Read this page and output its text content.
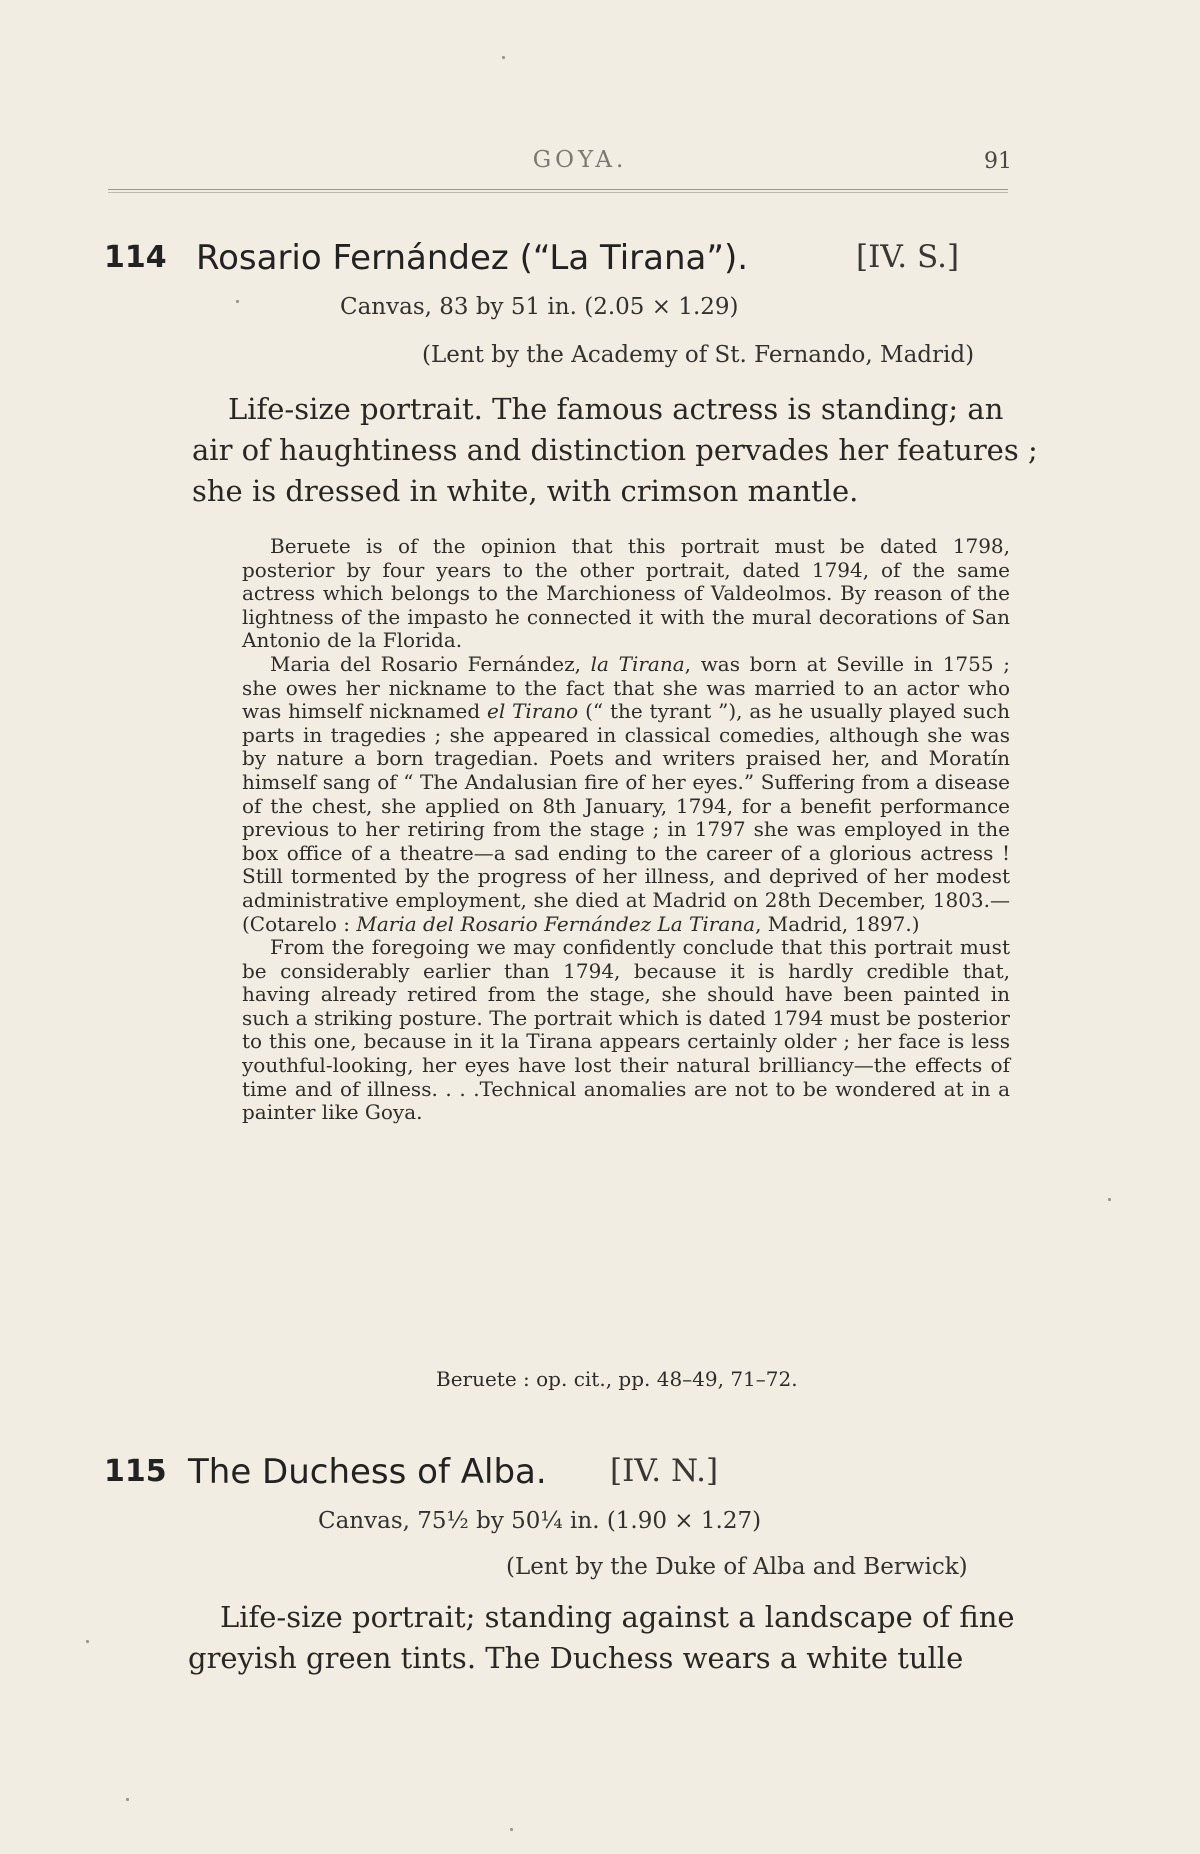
GOYA.	91
114 Rosario Fernández (“La Tirana”).	[IV. S.]
Canvas, 83 by 51 in. (2.05 × 1.29)
(Lent by the Academy of St. Fernando, Madrid)
Life-size portrait. The famous actress is standing; an
air of haughtiness and distinction pervades her features ;
she is dressed in white, with crimson mantle.

Beruete is of the opinion that this portrait must be dated 1798, posterior by four years to the other portrait, dated 1794, of the same actress which belongs to the Marchioness of Valdeolmos. By reason of the lightness of the impasto he connected it with the mural decorations of San Antonio de la Florida.

Maria del Rosario Fernández, la Tirana, was born at Seville in 1755 ; she owes her nickname to the fact that she was married to an actor who was himself nicknamed el Tirano (“ the tyrant ”), as he usually played such parts in tragedies ; she appeared in classical comedies, although she was by nature a born tragedian. Poets and writers praised her, and Moratín himself sang of “ The Andalusian fire of her eyes.” Suffering from a disease of the chest, she applied on 8th January, 1794, for a benefit performance previous to her retiring from the stage ; in 1797 she was employed in the box office of a theatre—a sad ending to the career of a glorious actress ! Still tormented by the progress of her illness, and deprived of her modest administrative employment, she died at Madrid on 28th December, 1803.—(Cotarelo : Maria del Rosario Fernández La Tirana, Madrid, 1897.)

From the foregoing we may confidently conclude that this portrait must be considerably earlier than 1794, because it is hardly credible that, having already retired from the stage, she should have been painted in such a striking posture. The portrait which is dated 1794 must be posterior to this one, because in it la Tirana appears certainly older ; her face is less youthful-looking, her eyes have lost their natural brilliancy—the effects of time and of illness. . . .Technical anomalies are not to be wondered at in a painter like Goya.

Beruete : op. cit., pp. 48–49, 71–72.
115 The Duchess of Alba. [IV. N.]
Canvas, 75½ by 50¼ in. (1.90 × 1.27)
(Lent by the Duke of Alba and Berwick)
Life-size portrait; standing against a landscape of fine
greyish green tints. The Duchess wears a white tulle
